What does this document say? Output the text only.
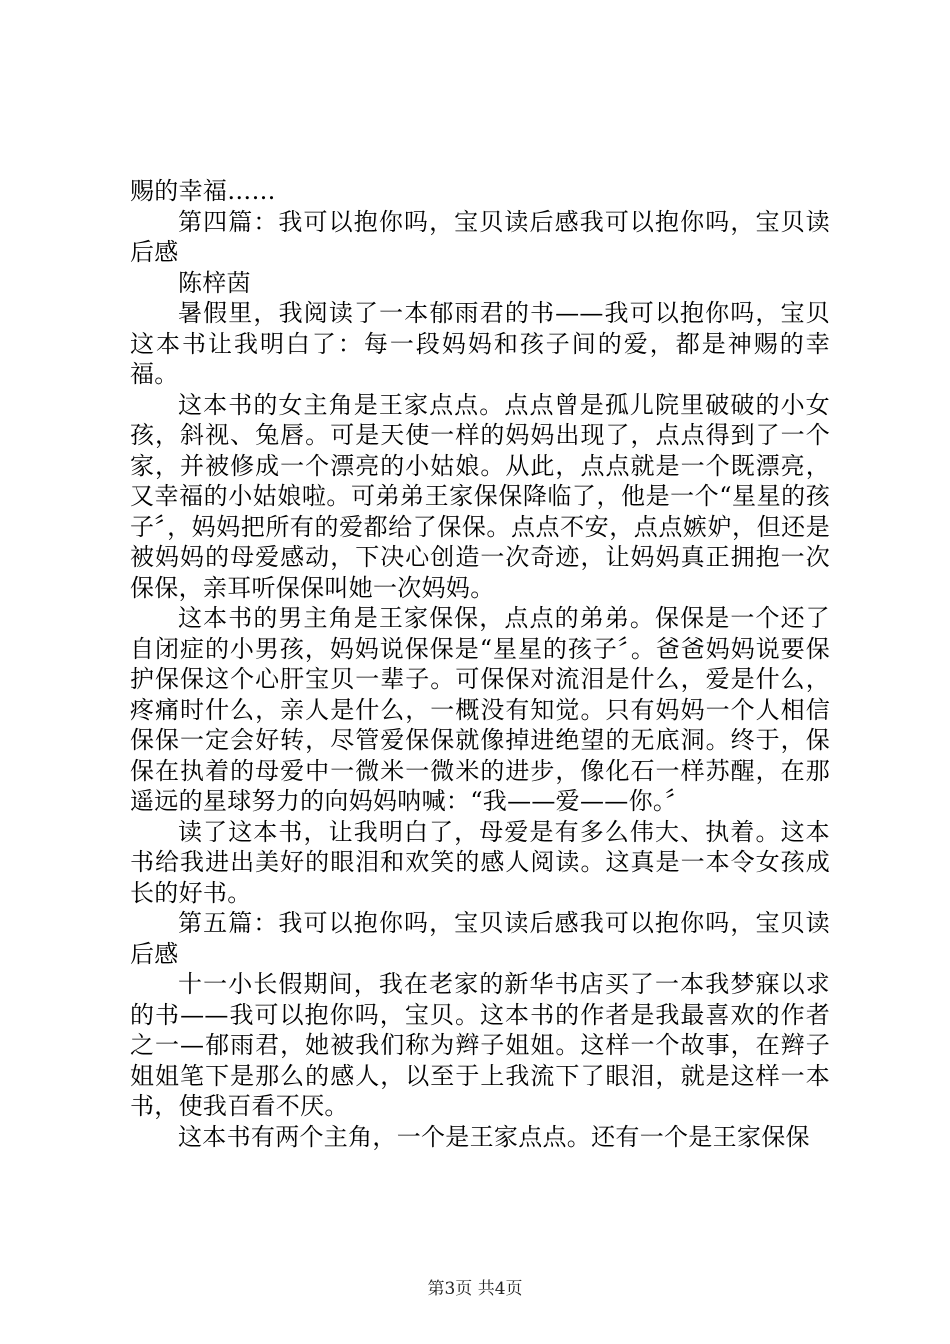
赐的幸福……

第四篇：我可以抱你吗，宝贝读后感我可以抱你吗，宝贝读后感

陈梓茵

暑假里，我阅读了一本郁雨君的书——我可以抱你吗，宝贝这本书让我明白了：每一段妈妈和孩子间的爱，都是神赐的幸福。

这本书的女主角是王家点点。点点曾是孤儿院里破破的小女孩，斜视、兔唇。可是天使一样的妈妈出现了，点点得到了一个家，并被修成一个漂亮的小姑娘。从此，点点就是一个既漂亮，又幸福的小姑娘啦。可弟弟王家保保降临了，他是一个“星星的孩子〞，妈妈把所有的爱都给了保保。点点不安，点点嫉妒，但还是被妈妈的母爱感动，下决心创造一次奇迹，让妈妈真正拥抱一次保保，亲耳听保保叫她一次妈妈。

这本书的男主角是王家保保，点点的弟弟。保保是一个还了自闭症的小男孩，妈妈说保保是“星星的孩子〞。爸爸妈妈说要保护保保这个心肝宝贝一辈子。可保保对流泪是什么，爱是什么，疼痛时什么，亲人是什么，一概没有知觉。只有妈妈一个人相信保保一定会好转，尽管爱保保就像掉进绝望的无底洞。终于，保保在执着的母爱中一微米一微米的进步，像化石一样苏醒，在那遥远的星球努力的向妈妈呐喊：“我——爱——你。〞

读了这本书，让我明白了，母爱是有多么伟大、执着。这本书给我进出美好的眼泪和欢笑的感人阅读。这真是一本令女孩成长的好书。

第五篇：我可以抱你吗，宝贝读后感我可以抱你吗，宝贝读后感

十一小长假期间，我在老家的新华书店买了一本我梦寐以求的书——我可以抱你吗，宝贝。这本书的作者是我最喜欢的作者之一—郁雨君，她被我们称为辫子姐姐。这样一个故事，在辫子姐姐笔下是那么的感人，以至于上我流下了眼泪，就是这样一本书，使我百看不厌。

这本书有两个主角，一个是王家点点。还有一个是王家保保

第3页 共4页
